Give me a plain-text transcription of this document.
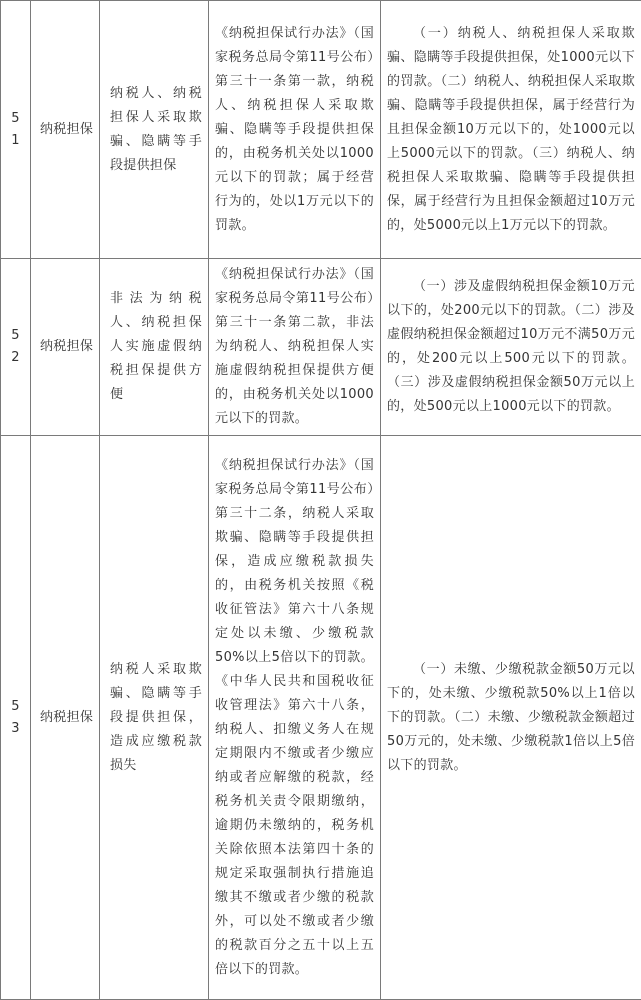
5
1	纳税担保	纳税人、纳税担保人采取欺骗、隐瞒等手段提供担保	《纳税担保试行办法》（国家税务总局令第11号公布）第三十一条第一款，纳税人、纳税担保人采取欺骗、隐瞒等手段提供担保的，由税务机关处以1000元以下的罚款；属于经营行为的，处以1万元以下的罚款。	（一）纳税人、纳税担保人采取欺骗、隐瞒等手段提供担保，处1000元以下的罚款。（二）纳税人、纳税担保人采取欺骗、隐瞒等手段提供担保，属于经营行为且担保金额10万元以下的，处1000元以上5000元以下的罚款。（三）纳税人、纳税担保人采取欺骗、隐瞒等手段提供担保，属于经营行为且担保金额超过10万元的，处5000元以上1万元以下的罚款。

5
2	纳税担保	非法为纳税人、纳税担保人实施虚假纳税担保提供方便	《纳税担保试行办法》（国家税务总局令第11号公布）第三十一条第二款，非法为纳税人、纳税担保人实施虚假纳税担保提供方便的，由税务机关处以1000元以下的罚款。	（一）涉及虚假纳税担保金额10万元以下的，处200元以下的罚款。（二）涉及虚假纳税担保金额超过10万元不满50万元的，处200元以上500元以下的罚款。（三）涉及虚假纳税担保金额50万元以上的，处500元以上1000元以下的罚款。

5
3	纳税担保	纳税人采取欺骗、隐瞒等手段提供担保，造成应缴税款损失	《纳税担保试行办法》（国家税务总局令第11号公布）第三十二条，纳税人采取欺骗、隐瞒等手段提供担保，造成应缴税款损失的，由税务机关按照《税收征管法》第六十八条规定处以未缴、少缴税款50%以上5倍以下的罚款。《中华人民共和国税收征收管理法》第六十八条，纳税人、扣缴义务人在规定期限内不缴或者少缴应纳或者应解缴的税款，经税务机关责令限期缴纳，逾期仍未缴纳的，税务机关除依照本法第四十条的规定采取强制执行措施追缴其不缴或者少缴的税款外，可以处不缴或者少缴的税款百分之五十以上五倍以下的罚款。	（一）未缴、少缴税款金额50万元以下的，处未缴、少缴税款50%以上1倍以下的罚款。（二）未缴、少缴税款金额超过50万元的，处未缴、少缴税款1倍以上5倍以下的罚款。
